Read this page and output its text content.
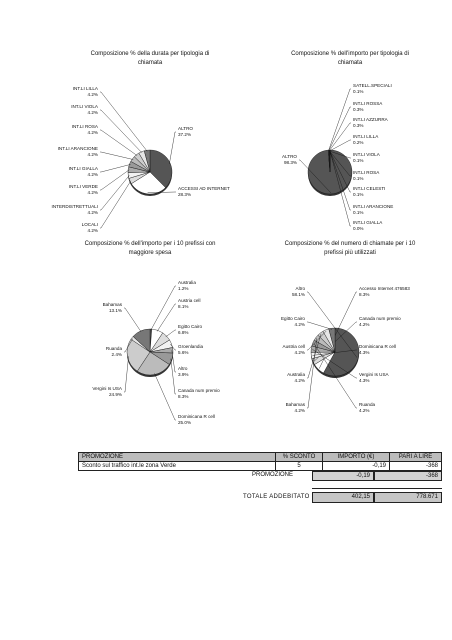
Composizione % della durata per tipologia di chiamata
ALTRO
37.2%
ACCESSI AD INTERNET
28.3%
LOCALI
4.2%
INTERDISTRETTUALI
4.2%
INT.LI VERDE
4.2%
INT.LI GIALLA
4.2%
INT.LI ARANCIONE
4.2%
INT.LI ROSA
4.2%
INT.LI VIOLA
4.2%
INT.LI LILLA
4.2%
Composizione % dell'importo per tipologia di chiamata
ALTRO
98.3%
SATELL.SPECIALI
0.1%
INT.LI ROSSA
0.3%
INT.LI AZZURRA
0.3%
INT.LI LILLA
0.2%
INT.LI VIOLA
0.1%
INT.LI ROSA
0.1%
INT.LI CELESTI
0.1%
INT.LI ARANCIONE
0.1%
INT.LI GIALLA
0.0%
Composizione % dell'importo per i 10 prefissi con maggiore spesa
Australia
1.2%
Austria cell
8.1%
Egitto Cairo
6.8%
Groenlandia
5.6%
Altro
3.9%
Canada num premio
8.3%
Dominicana R cell
25.0%
Vergini Is USA
24.9%
Ruanda
2.4%
Bahamas
13.1%
Composizione % del numero di chiamate per i 10 prefissi più utilizzati
Altro
58.1%
Accesso Internet 476583
8.3%
Canada num premio
4.2%
Dominicana R cell
4.3%
Vergini Is USA
4.3%
Ruanda
4.2%
Bahamas
4.2%
Australia
4.2%
Austria cell
4.2%
Egitto Cairo
4.2%
PROMOZIONE	% SCONTO	IMPORTO (€)	PARI A LIRE
Sconto sul traffico int.le zona Verde	5	-0,19	-368
PROMOZIONE	-0,19	-368
TOTALE ADDEBITATO	402,15	778.671
